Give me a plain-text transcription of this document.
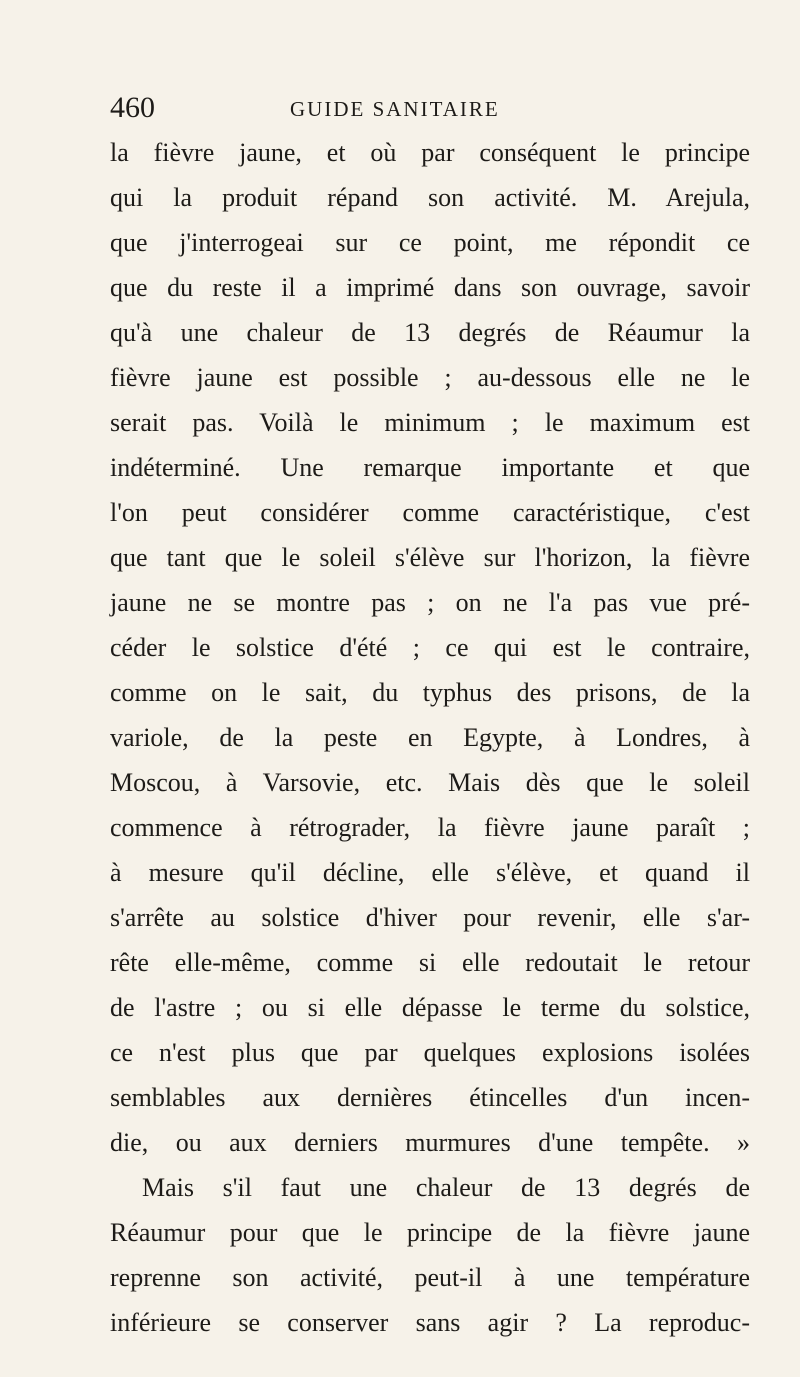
460	GUIDE SANITAIRE
la fièvre jaune, et où par conséquent le principe
qui la produit répand son activité. M. Arejula,
que j'interrogeai sur ce point, me répondit ce
que du reste il a imprimé dans son ouvrage, savoir
qu'à une chaleur de 13 degrés de Réaumur la
fièvre jaune est possible ; au-dessous elle ne le
serait pas. Voilà le minimum ; le maximum est
indéterminé. Une remarque importante et que
l'on peut considérer comme caractéristique, c'est
que tant que le soleil s'élève sur l'horizon, la fièvre
jaune ne se montre pas ; on ne l'a pas vue pré-
céder le solstice d'été ; ce qui est le contraire,
comme on le sait, du typhus des prisons, de la
variole, de la peste en Egypte, à Londres, à
Moscou, à Varsovie, etc. Mais dès que le soleil
commence à rétrograder, la fièvre jaune paraît ;
à mesure qu'il décline, elle s'élève, et quand il
s'arrête au solstice d'hiver pour revenir, elle s'ar-
rête elle-même, comme si elle redoutait le retour
de l'astre ; ou si elle dépasse le terme du solstice,
ce n'est plus que par quelques explosions isolées
semblables aux dernières étincelles d'un incen-
die, ou aux derniers murmures d'une tempête. »
Mais s'il faut une chaleur de 13 degrés de
Réaumur pour que le principe de la fièvre jaune
reprenne son activité, peut-il à une température
inférieure se conserver sans agir ? La reproduc-
